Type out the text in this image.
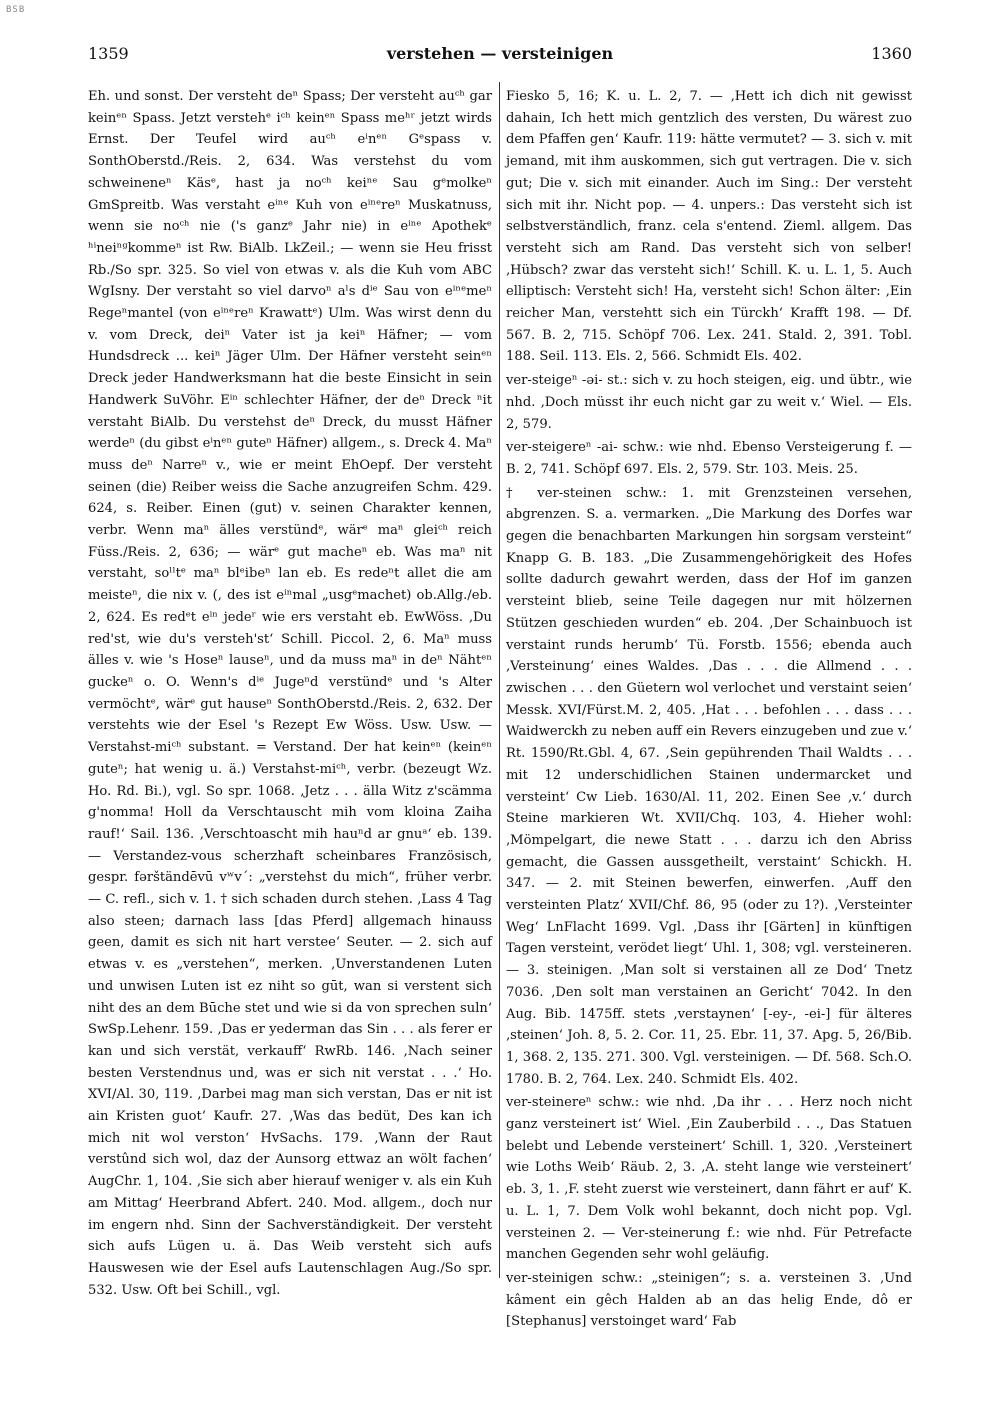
BSB
1359	verstehen — versteinigen	1360

Eh. und sonst. Der versteht deⁿ Spass; Der versteht auᶜʰ gar keinᵉⁿ Spass. Jetzt verstehᵉ iᶜʰ keinᵉⁿ Spass meʰʳ jetzt wirds Ernst. Der Teufel wird auᶜʰ eⁱnᵉⁿ Gᵉspass v. SonthOberstd./Reis. 2, 634. Was verstehst du vom schweineneⁿ Käsᵉ, hast ja noᶜʰ keiⁿᵉ Sau gᵉmolkeⁿ GmSpreitb. Was verstaht eⁱⁿᵉ Kuh von eⁱⁿᵉreⁿ Muskatnuss, wenn sie noᶜʰ nie ('s ganzᵉ Jahr nie) in eⁱⁿᵉ Apothekᵉ ʰⁱneiⁿᵍkommeⁿ ist Rw. BiAlb. LkZeil.; — wenn sie Heu frisst Rb./So spr. 325. So viel von etwas v. als die Kuh vom ABC WgIsny. Der verstaht so viel darvoⁿ aˡs dⁱᵉ Sau von eⁱⁿᵉmeⁿ Regeⁿmantel (von eⁱⁿᵉreⁿ Krawattᵉ) Ulm. Was wirst denn du v. vom Dreck, deiⁿ Vater ist ja keiⁿ Häfner; — vom Hundsdreck ... keiⁿ Jäger Ulm. Der Häfner versteht seinᵉⁿ Dreck jeder Handwerksmann hat die beste Einsicht in sein Handwerk SuVöhr. Eⁱⁿ schlechter Häfner, der deⁿ Dreck ⁿit verstaht BiAlb. Du verstehst deⁿ Dreck, du musst Häfner werdeⁿ (du gibst eⁱnᵉⁿ guteⁿ Häfner) allgem., s. Dreck 4. Maⁿ muss deⁿ Narreⁿ v., wie er meint EhOepf. Der versteht seinen (die) Reiber weiss die Sache anzugreifen Schm. 429. 624, s. Reiber. Einen (gut) v. seinen Charakter kennen, verbr. Wenn maⁿ älles verstündᵉ, wärᵉ maⁿ gleiᶜʰ reich Füss./Reis. 2, 636; — wärᵉ gut macheⁿ eb. Was maⁿ nit verstaht, soˡˡtᵉ maⁿ blᵉibeⁿ lan eb. Es redeⁿt allet die am meisteⁿ, die nix v. (, des ist eⁱⁿmal „usgᵉmachet) ob.Allg./eb. 2, 624. Es redᵉt eⁱⁿ jedeʳ wie ers verstaht eb. EwWöss. ‚Du red'st, wie du's versteh'st‘ Schill. Piccol. 2, 6. Maⁿ muss älles v. wie 's Hoseⁿ lauseⁿ, und da muss maⁿ in deⁿ Nähtᵉⁿ guckeⁿ o. O. Wenn's dⁱᵉ Jugeⁿd verstündᵉ und 's Alter vermöchtᵉ, wärᵉ gut hauseⁿ SonthOberstd./Reis. 2, 632. Der verstehts wie der Esel 's Rezept Ew Wöss. Usw. Usw. — Verstahst-miᶜʰ substant. = Verstand. Der hat keinᵉⁿ (keinᵉⁿ guteⁿ; hat wenig u. ä.) Verstahst-miᶜʰ, verbr. (bezeugt Wz. Ho. Rd. Bi.), vgl. So spr. 1068. ‚Jetz . . . älla Witz z'scämma g'nomma! Holl da Verschtauscht mih vom kloina Zaiha rauf!‘ Sail. 136. ‚Verschtoascht mih hauⁿd ar gnuᵃ‘ eb. 139. — Verstandez-vous scherzhaft scheinbares Französisch, gespr. fərštändēvū vʷv´: „verstehst du mich“, früher verbr. — C. refl., sich v. 1. † sich schaden durch stehen. ‚Lass 4 Tag also steen; darnach lass [das Pferd] allgemach hinauss geen, damit es sich nit hart verstee‘ Seuter. — 2. sich auf etwas v. es „verstehen“, merken. ‚Unverstandenen Luten und unwisen Luten ist ez niht so gūt, wan si verstent sich niht des an dem Būche stet und wie si da von sprechen suln‘ SwSp.Lehenr. 159. ‚Das er yederman das Sin . . . als ferer er kan und sich verstät, verkauff‘ RwRb. 146. ‚Nach seiner besten Verstendnus und, was er sich nit verstat . . .‘ Ho. XVI/Al. 30, 119. ‚Darbei mag man sich verstan, Das er nit ist ain Kristen guot‘ Kaufr. 27. ‚Was das bedüt, Des kan ich mich nit wol verston‘ HvSachs. 179. ‚Wann der Raut verstûnd sich wol, daz der Aunsorg ettwaz an wölt fachen‘ AugChr. 1, 104. ‚Sie sich aber hierauf weniger v. als ein Kuh am Mittag‘ Heerbrand Abfert. 240. Mod. allgem., doch nur im engern nhd. Sinn der Sachverständigkeit. Der versteht sich aufs Lügen u. ä. Das Weib versteht sich aufs Hauswesen wie der Esel aufs Lautenschlagen Aug./So spr. 532. Usw. Oft bei Schill., vgl.

Fiesko 5, 16; K. u. L. 2, 7. — ‚Hett ich dich nit gewisst dahain, Ich hett mich gentzlich des versten, Du wärest zuo dem Pfaffen gen‘ Kaufr. 119: hätte vermutet? — 3. sich v. mit jemand, mit ihm auskommen, sich gut vertragen. Die v. sich gut; Die v. sich mit einander. Auch im Sing.: Der versteht sich mit ihr. Nicht pop. — 4. unpers.: Das versteht sich ist selbstverständlich, franz. cela s'entend. Zieml. allgem. Das versteht sich am Rand. Das versteht sich von selber! ‚Hübsch? zwar das versteht sich!‘ Schill. K. u. L. 1, 5. Auch elliptisch: Versteht sich! Ha, versteht sich! Schon älter: ‚Ein reicher Man, verstehtt sich ein Türckh‘ Krafft 198. — Df. 567. B. 2, 715. Schöpf 706. Lex. 241. Stald. 2, 391. Tobl. 188. Seil. 113. Els. 2, 566. Schmidt Els. 402.

ver-steigeⁿ -əi- st.: sich v. zu hoch steigen, eig. und übtr., wie nhd. ‚Doch müsst ihr euch nicht gar zu weit v.‘ Wiel. — Els. 2, 579.

ver-steigereⁿ -ai- schw.: wie nhd. Ebenso Versteigerung f. — B. 2, 741. Schöpf 697. Els. 2, 579. Str. 103. Meis. 25.

† ver-steinen schw.: 1. mit Grenzsteinen versehen, abgrenzen. S. a. vermarken. „Die Markung des Dorfes war gegen die benachbarten Markungen hin sorgsam versteint“ Knapp G. B. 183. „Die Zusammengehörigkeit des Hofes sollte dadurch gewahrt werden, dass der Hof im ganzen versteint blieb, seine Teile dagegen nur mit hölzernen Stützen geschieden wurden“ eb. 204. ‚Der Schainbuoch ist verstaint runds herumb‘ Tü. Forstb. 1556; ebenda auch ‚Versteinung‘ eines Waldes. ‚Das . . . die Allmend . . . zwischen . . . den Güetern wol verlochet und verstaint seien‘ Messk. XVI/Fürst.M. 2, 405. ‚Hat . . . befohlen . . . dass . . . Waidwerckh zu neben auff ein Revers einzugeben und zue v.‘ Rt. 1590/Rt.Gbl. 4, 67. ‚Sein gepührenden Thail Waldts . . . mit 12 underschidlichen Stainen undermarcket und versteint‘ Cw Lieb. 1630/Al. 11, 202. Einen See ‚v.‘ durch Steine markieren Wt. XVII/Chq. 103, 4. Hieher wohl: ‚Mömpelgart, die newe Statt . . . darzu ich den Abriss gemacht, die Gassen aussgetheilt, verstaint‘ Schickh. H. 347. — 2. mit Steinen bewerfen, einwerfen. ‚Auff den versteinten Platz‘ XVII/Chf. 86, 95 (oder zu 1?). ‚Versteinter Weg‘ LnFlacht 1699. Vgl. ‚Dass ihr [Gärten] in künftigen Tagen versteint, verödet liegt‘ Uhl. 1, 308; vgl. versteineren. — 3. steinigen. ‚Man solt si verstainen all ze Dod‘ Tnetz 7036. ‚Den solt man verstainen an Gericht‘ 7042. In den Aug. Bib. 1475ff. stets ‚verstaynen‘ [-ey-, -ei-] für älteres ‚steinen‘ Joh. 8, 5. 2. Cor. 11, 25. Ebr. 11, 37. Apg. 5, 26/Bib. 1, 368. 2, 135. 271. 300. Vgl. versteinigen. — Df. 568. Sch.O. 1780. B. 2, 764. Lex. 240. Schmidt Els. 402.

ver-steinereⁿ schw.: wie nhd. ‚Da ihr . . . Herz noch nicht ganz versteinert ist‘ Wiel. ‚Ein Zauberbild . . ., Das Statuen belebt und Lebende versteinert‘ Schill. 1, 320. ‚Versteinert wie Loths Weib‘ Räub. 2, 3. ‚A. steht lange wie versteinert‘ eb. 3, 1. ‚F. steht zuerst wie versteinert, dann fährt er auf‘ K. u. L. 1, 7. Dem Volk wohl bekannt, doch nicht pop. Vgl. versteinen 2. — Ver-steinerung f.: wie nhd. Für Petrefacte manchen Gegenden sehr wohl geläufig.

ver-steinigen schw.: „steinigen“; s. a. versteinen 3. ‚Und kâment ein gêch Halden ab an das helig Ende, dô er [Stephanus] verstoinget ward‘ Fab
